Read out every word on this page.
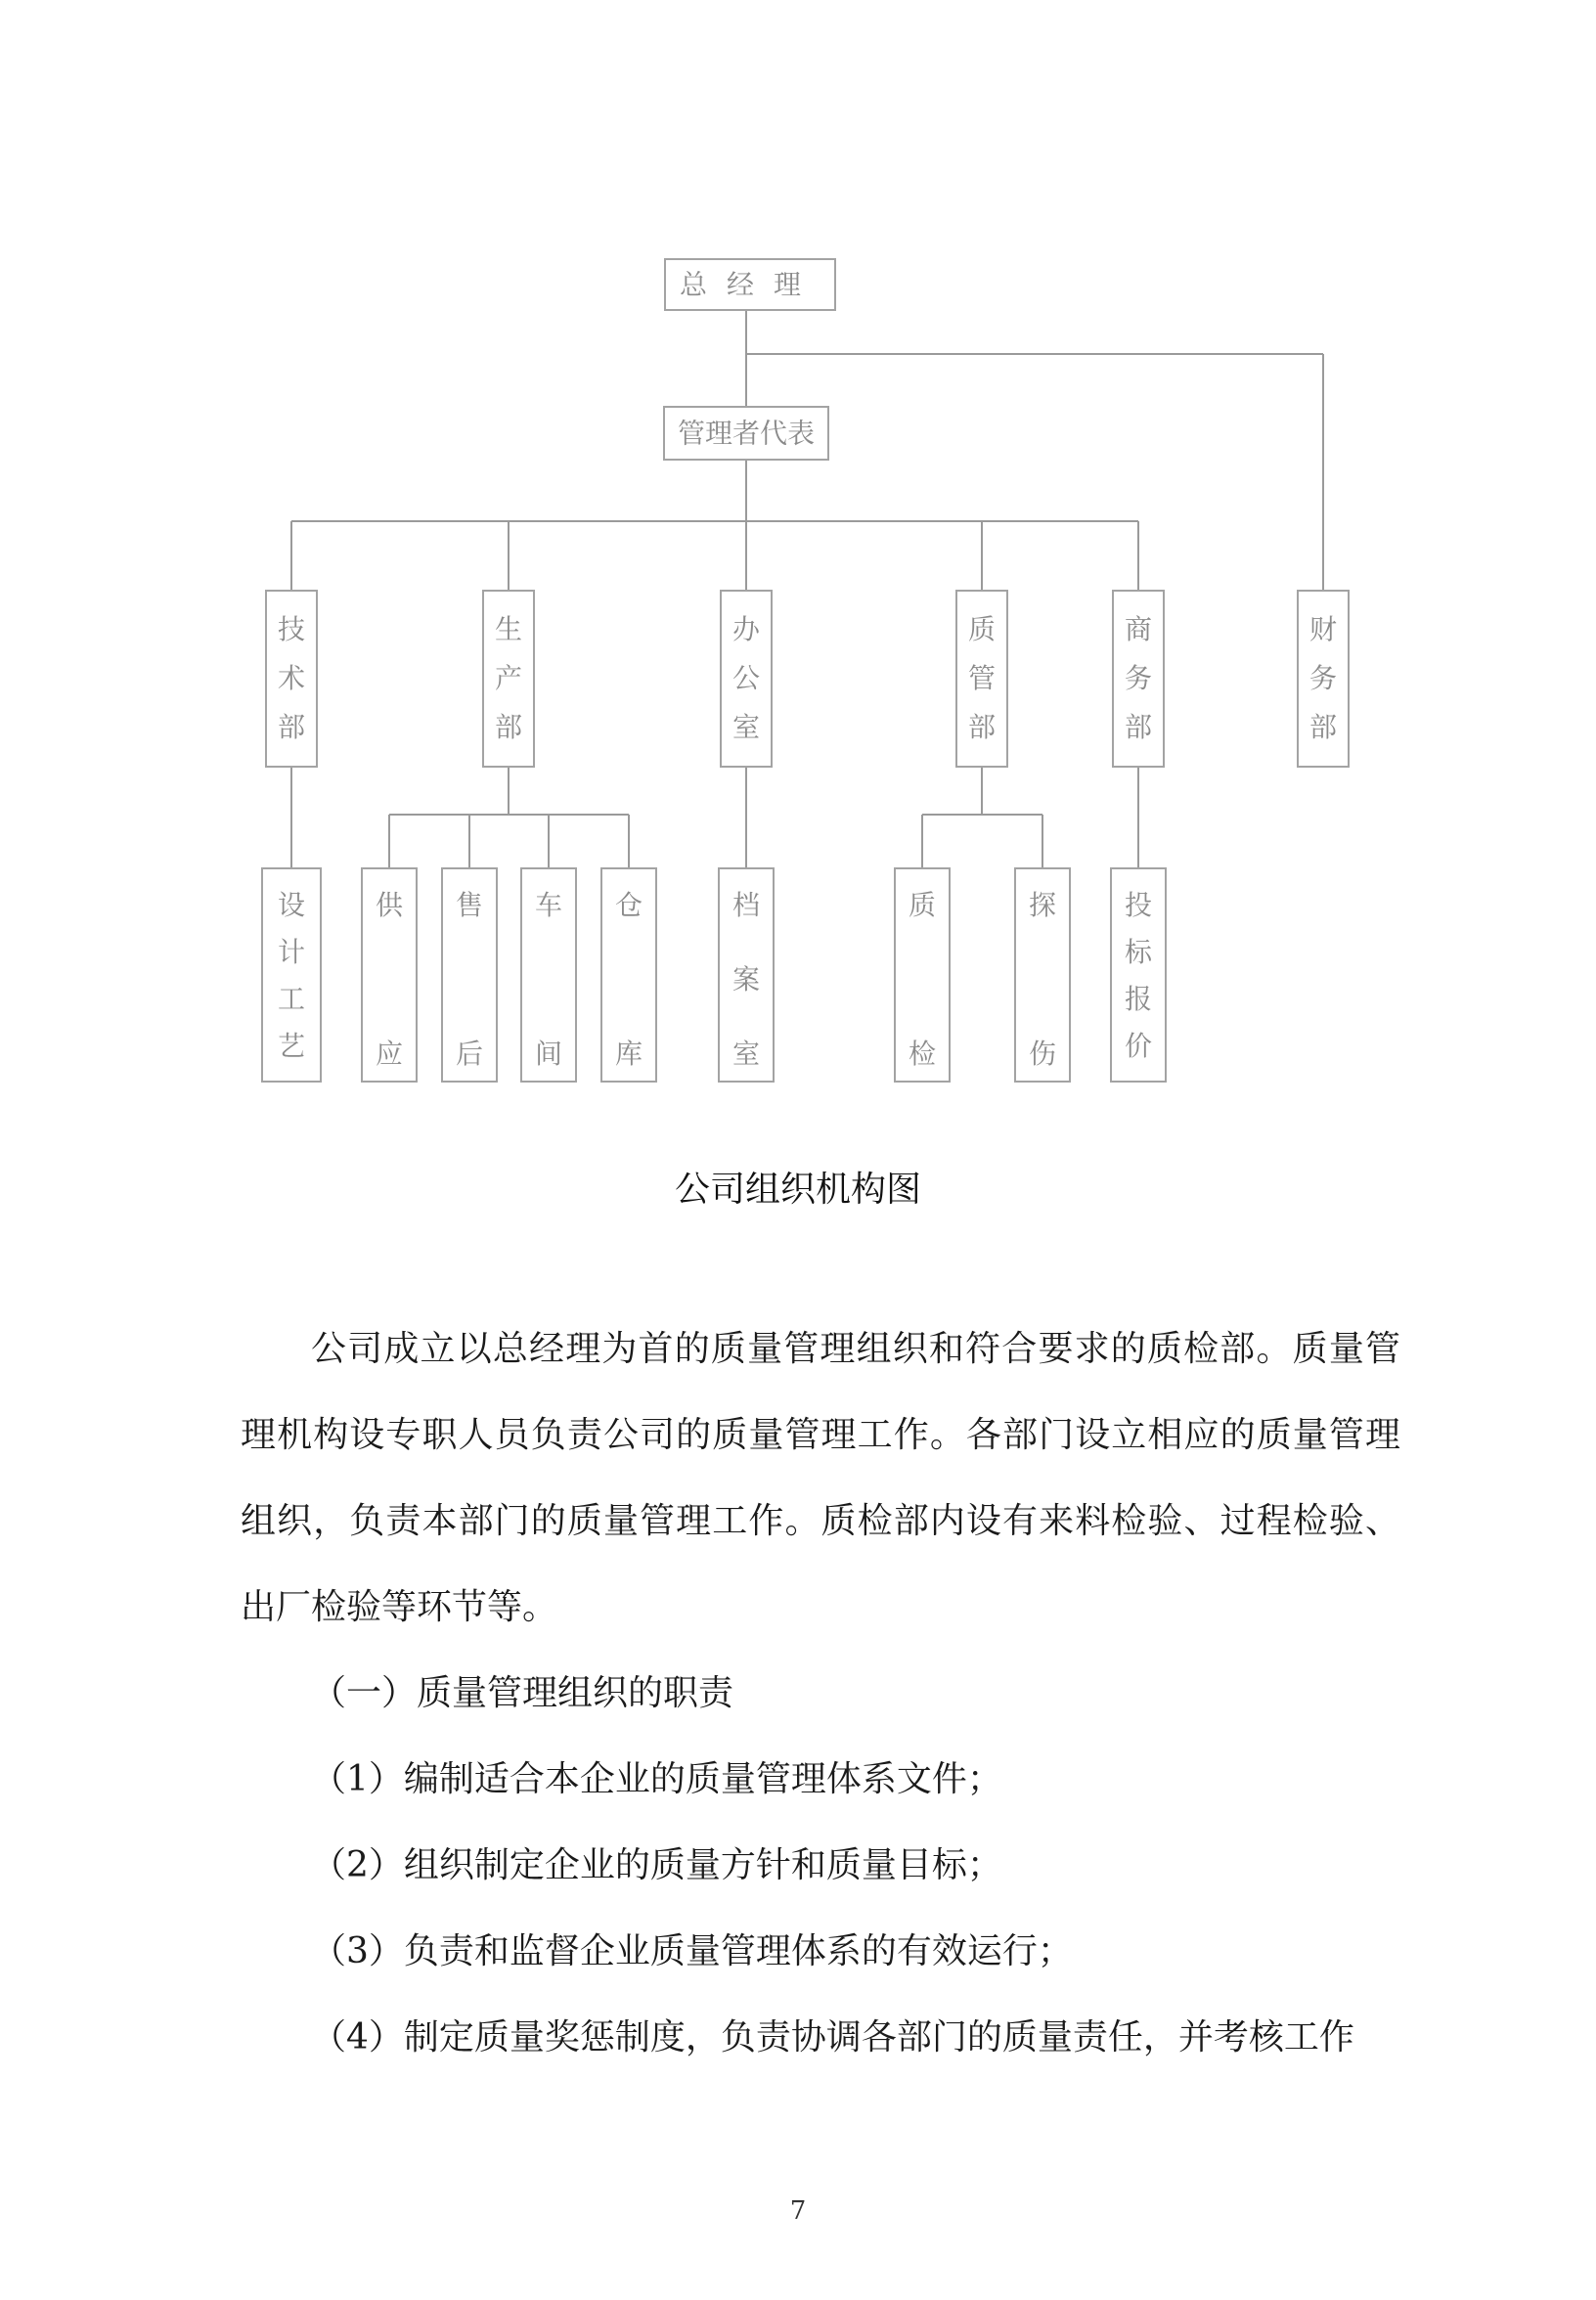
总经理
管理者代表
技术部
生产部
办公室
质管部
商务部
财务部
设计工艺
供应
售后
车间
仓库
档案室
质检
探伤
投标报价
公司组织机构图

公司成立以总经理为首的质量管理组织和符合要求的质检部。质量管理机构设专职人员负责公司的质量管理工作。各部门设立相应的质量管理组织，负责本部门的质量管理工作。质检部内设有来料检验、过程检验、出厂检验等环节等。

（一）质量管理组织的职责

（1）编制适合本企业的质量管理体系文件；

（2）组织制定企业的质量方针和质量目标；

（3）负责和监督企业质量管理体系的有效运行；

（4）制定质量奖惩制度，负责协调各部门的质量责任，并考核工作

7
